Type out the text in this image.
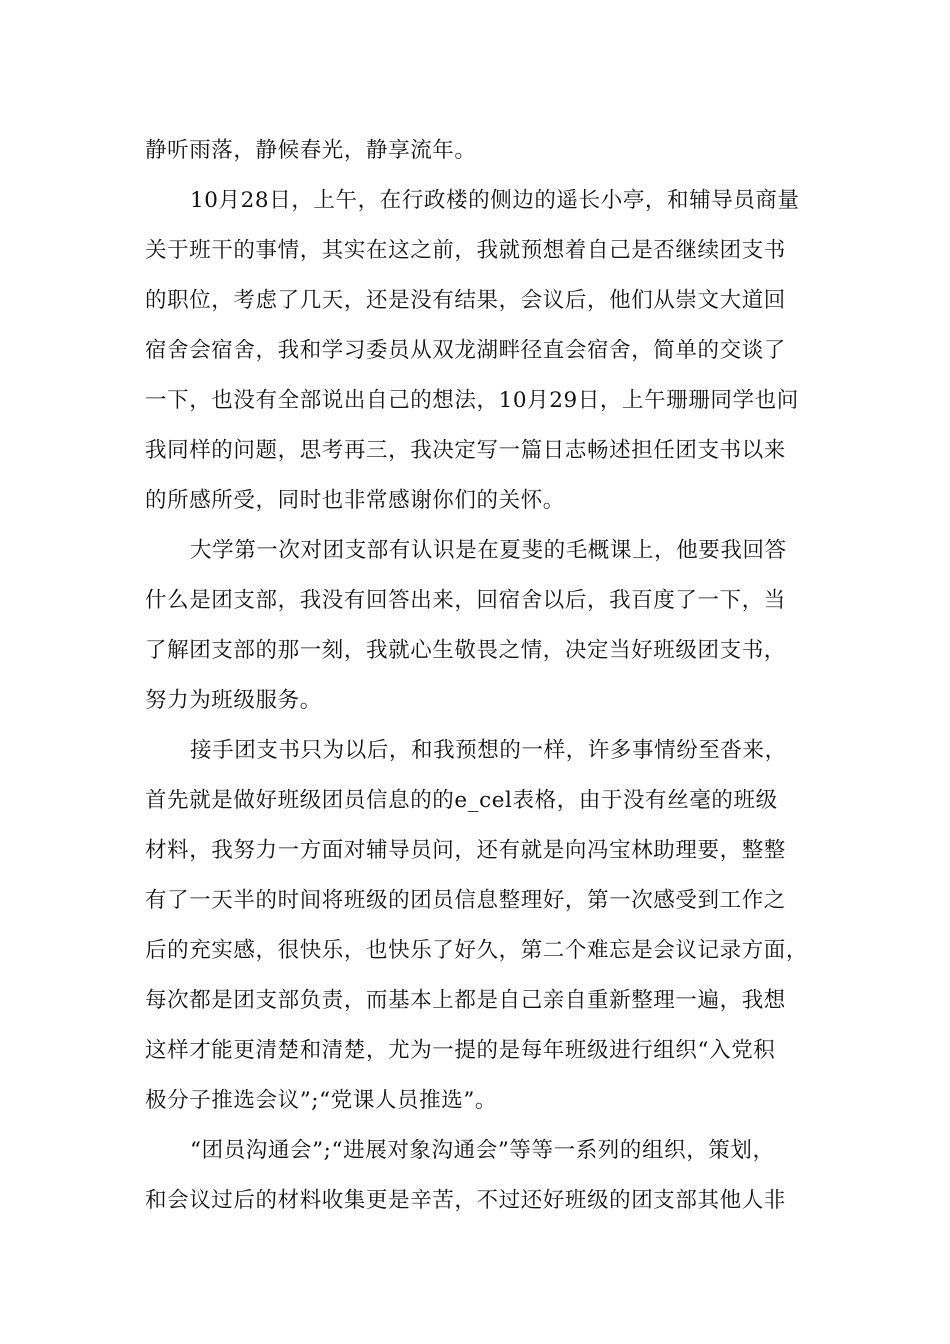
静听雨落，静候春光，静享流年。
10月28日，上午，在行政楼的侧边的遥长小亭，和辅导员商量
关于班干的事情，其实在这之前，我就预想着自己是否继续团支书
的职位，考虑了几天，还是没有结果，会议后，他们从崇文大道回
宿舍会宿舍，我和学习委员从双龙湖畔径直会宿舍，简单的交谈了
一下，也没有全部说出自己的想法，10月29日，上午珊珊同学也问
我同样的问题，思考再三，我决定写一篇日志畅述担任团支书以来
的所感所受，同时也非常感谢你们的关怀。
大学第一次对团支部有认识是在夏斐的毛概课上，他要我回答
什么是团支部，我没有回答出来，回宿舍以后，我百度了一下，当
了解团支部的那一刻，我就心生敬畏之情，决定当好班级团支书，
努力为班级服务。
接手团支书只为以后，和我预想的一样，许多事情纷至沓来，
首先就是做好班级团员信息的的e_cel表格，由于没有丝毫的班级
材料，我努力一方面对辅导员问，还有就是向冯宝林助理要，整整
有了一天半的时间将班级的团员信息整理好，第一次感受到工作之
后的充实感，很快乐，也快乐了好久，第二个难忘是会议记录方面，
每次都是团支部负责，而基本上都是自己亲自重新整理一遍，我想
这样才能更清楚和清楚，尤为一提的是每年班级进行组织“入党积
极分子推选会议”;“党课人员推选”。
“团员沟通会”;“进展对象沟通会”等等一系列的组织，策划，
和会议过后的材料收集更是辛苦，不过还好班级的团支部其他人非
